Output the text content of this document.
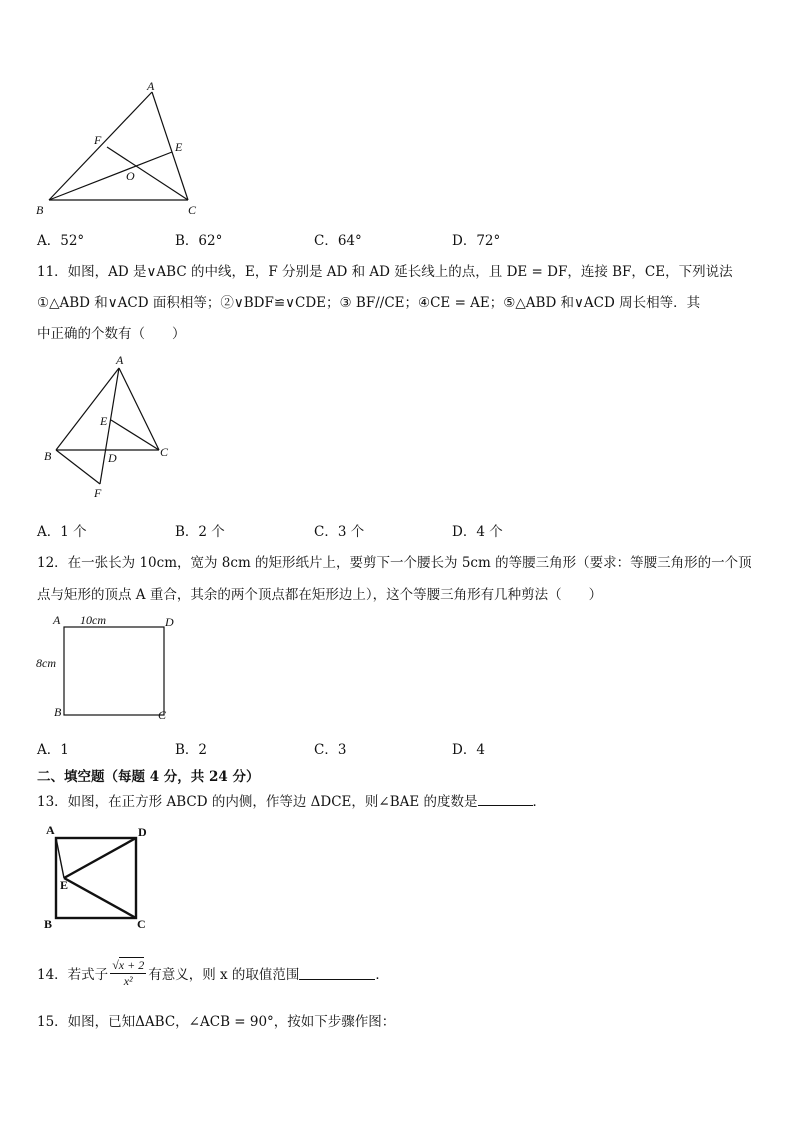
A
F	E
O
B	C
A．52°	B．62°	C．64°	D．72°
11．如图，AD 是∨ABC 的中线，E，F 分别是 AD 和 AD 延长线上的点，且 DE = DF，连接 BF，CE，下列说法
①△ABD 和∨ACD 面积相等；②∨BDF≌∨CDE；③ BF//CE；④CE = AE；⑤△ABD 和∨ACD 周长相等．其
中正确的个数有（　　）
A
E
B	D	C
F
A．1 个	B．2 个	C．3 个	D．4 个
12．在一张长为 10cm，宽为 8cm 的矩形纸片上，要剪下一个腰长为 5cm 的等腰三角形（要求：等腰三角形的一个顶
点与矩形的顶点 A 重合，其余的两个顶点都在矩形边上），这个等腰三角形有几种剪法（　　）
A 10cm	D
8cm
B	C
A．1	B．2	C．3	D．4
二、填空题（每题 4 分，共 24 分）
13．如图，在正方形 ABCD 的内侧，作等边 ΔDCE，则∠BAE 的度数是	．
A	D
E
B	C
14．若式子 $\frac{√x + 2}{\text{x²}}$ 有意义，则 x 的取值范围	．
15．如图，已知ΔABC，∠ACB = 90°，按如下步骤作图：
